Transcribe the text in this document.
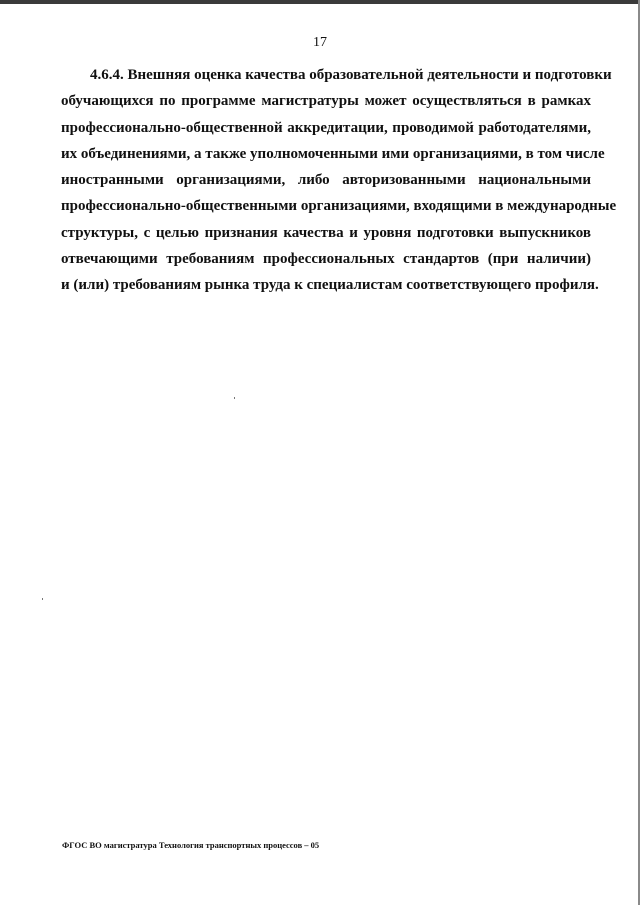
17

4.6.4. Внешняя оценка качества образовательной деятельности и подготовки
обучающихся по программе магистратуры может осуществляться в рамках
профессионально-общественной аккредитации, проводимой работодателями,
их объединениями, а также уполномоченными ими организациями, в том числе
иностранными организациями, либо авторизованными национальными
профессионально-общественными организациями, входящими в международные
структуры, с целью признания качества и уровня подготовки выпускников
отвечающими требованиям профессиональных стандартов (при наличии)
и (или) требованиям рынка труда к специалистам соответствующего профиля.

ФГОС ВО магистратура Технология транспортных процессов – 05
